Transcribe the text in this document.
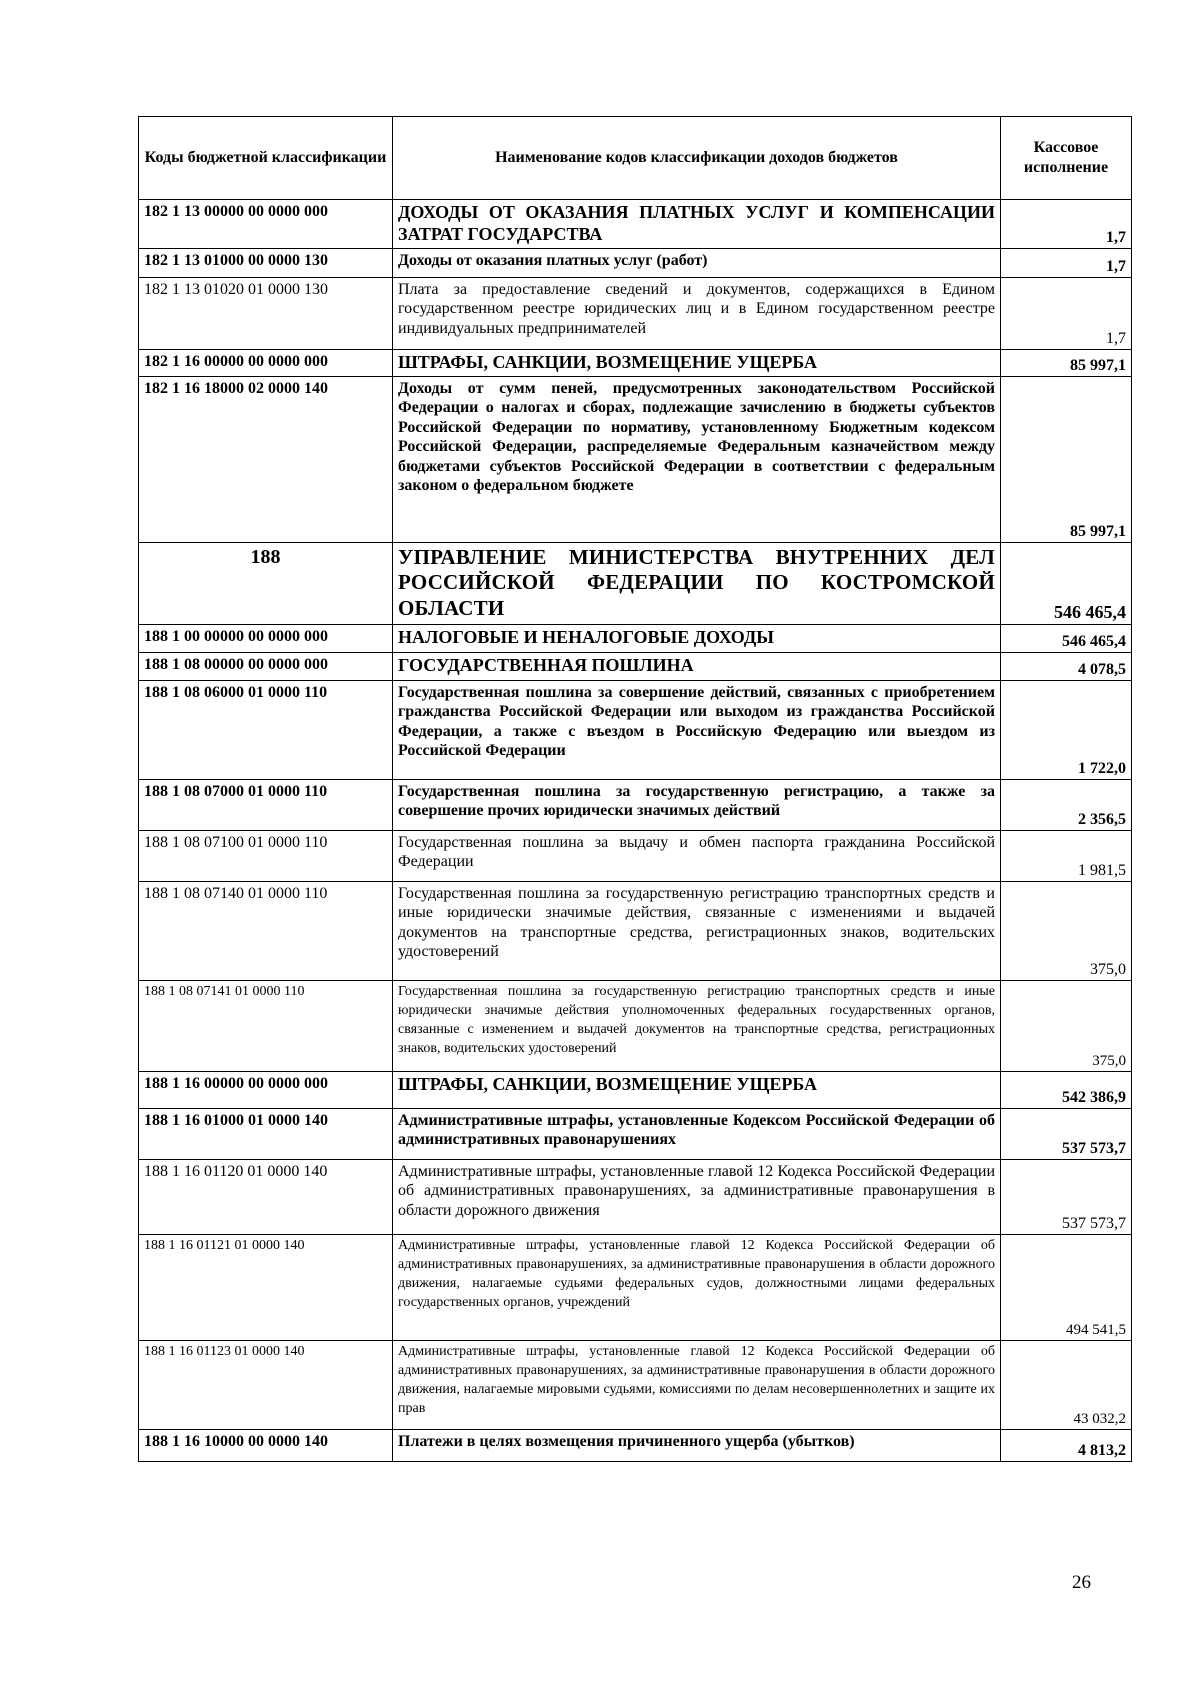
Коды бюджетной классификации	Наименование кодов классификации доходов бюджетов	Кассовое исполнение
182 1 13 00000 00 0000 000	ДОХОДЫ ОТ ОКАЗАНИЯ ПЛАТНЫХ УСЛУГ И КОМПЕНСАЦИИ ЗАТРАТ ГОСУДАРСТВА	1,7
182 1 13 01000 00 0000 130	Доходы от оказания платных услуг (работ)	1,7
182 1 13 01020 01 0000 130	Плата за предоставление сведений и документов, содержащихся в Едином государственном реестре юридических лиц и в Едином государственном реестре индивидуальных предпринимателей	1,7
182 1 16 00000 00 0000 000	ШТРАФЫ, САНКЦИИ, ВОЗМЕЩЕНИЕ УЩЕРБА	85 997,1
182 1 16 18000 02 0000 140	Доходы от сумм пеней, предусмотренных законодательством Российской Федерации о налогах и сборах, подлежащие зачислению в бюджеты субъектов Российской Федерации по нормативу, установленному Бюджетным кодексом Российской Федерации, распределяемые Федеральным казначейством между бюджетами субъектов Российской Федерации в соответствии с федеральным законом о федеральном бюджете	85 997,1
188	УПРАВЛЕНИЕ МИНИСТЕРСТВА ВНУТРЕННИХ ДЕЛ РОССИЙСКОЙ ФЕДЕРАЦИИ ПО КОСТРОМСКОЙ ОБЛАСТИ	546 465,4
188 1 00 00000 00 0000 000	НАЛОГОВЫЕ И НЕНАЛОГОВЫЕ ДОХОДЫ	546 465,4
188 1 08 00000 00 0000 000	ГОСУДАРСТВЕННАЯ ПОШЛИНА	4 078,5
188 1 08 06000 01 0000 110	Государственная пошлина за совершение действий, связанных с приобретением гражданства Российской Федерации или выходом из гражданства Российской Федерации, а также с въездом в Российскую Федерацию или выездом из Российской Федерации	1 722,0
188 1 08 07000 01 0000 110	Государственная пошлина за государственную регистрацию, а также за совершение прочих юридически значимых действий	2 356,5
188 1 08 07100 01 0000 110	Государственная пошлина за выдачу и обмен паспорта гражданина Российской Федерации	1 981,5
188 1 08 07140 01 0000 110	Государственная пошлина за государственную регистрацию транспортных средств и иные юридически значимые действия, связанные с изменениями и выдачей документов на транспортные средства, регистрационных знаков, водительских удостоверений	375,0
188 1 08 07141 01 0000 110	Государственная пошлина за государственную регистрацию транспортных средств и иные юридически значимые действия уполномоченных федеральных государственных органов, связанные с изменением и выдачей документов на транспортные средства, регистрационных знаков, водительских удостоверений	375,0
188 1 16 00000 00 0000 000	ШТРАФЫ, САНКЦИИ, ВОЗМЕЩЕНИЕ УЩЕРБА	542 386,9
188 1 16 01000 01 0000 140	Административные штрафы, установленные Кодексом Российской Федерации об административных правонарушениях	537 573,7
188 1 16 01120 01 0000 140	Административные штрафы, установленные главой 12 Кодекса Российской Федерации об административных правонарушениях, за административные правонарушения в области дорожного движения	537 573,7
188 1 16 01121 01 0000 140	Административные штрафы, установленные главой 12 Кодекса Российской Федерации об административных правонарушениях, за административные правонарушения в области дорожного движения, налагаемые судьями федеральных судов, должностными лицами федеральных государственных органов, учреждений	494 541,5
188 1 16 01123 01 0000 140	Административные штрафы, установленные главой 12 Кодекса Российской Федерации об административных правонарушениях, за административные правонарушения в области дорожного движения, налагаемые мировыми судьями, комиссиями по делам несовершеннолетних и защите их прав	43 032,2
188 1 16 10000 00 0000 140	Платежи в целях возмещения причиненного ущерба (убытков)	4 813,2
26
